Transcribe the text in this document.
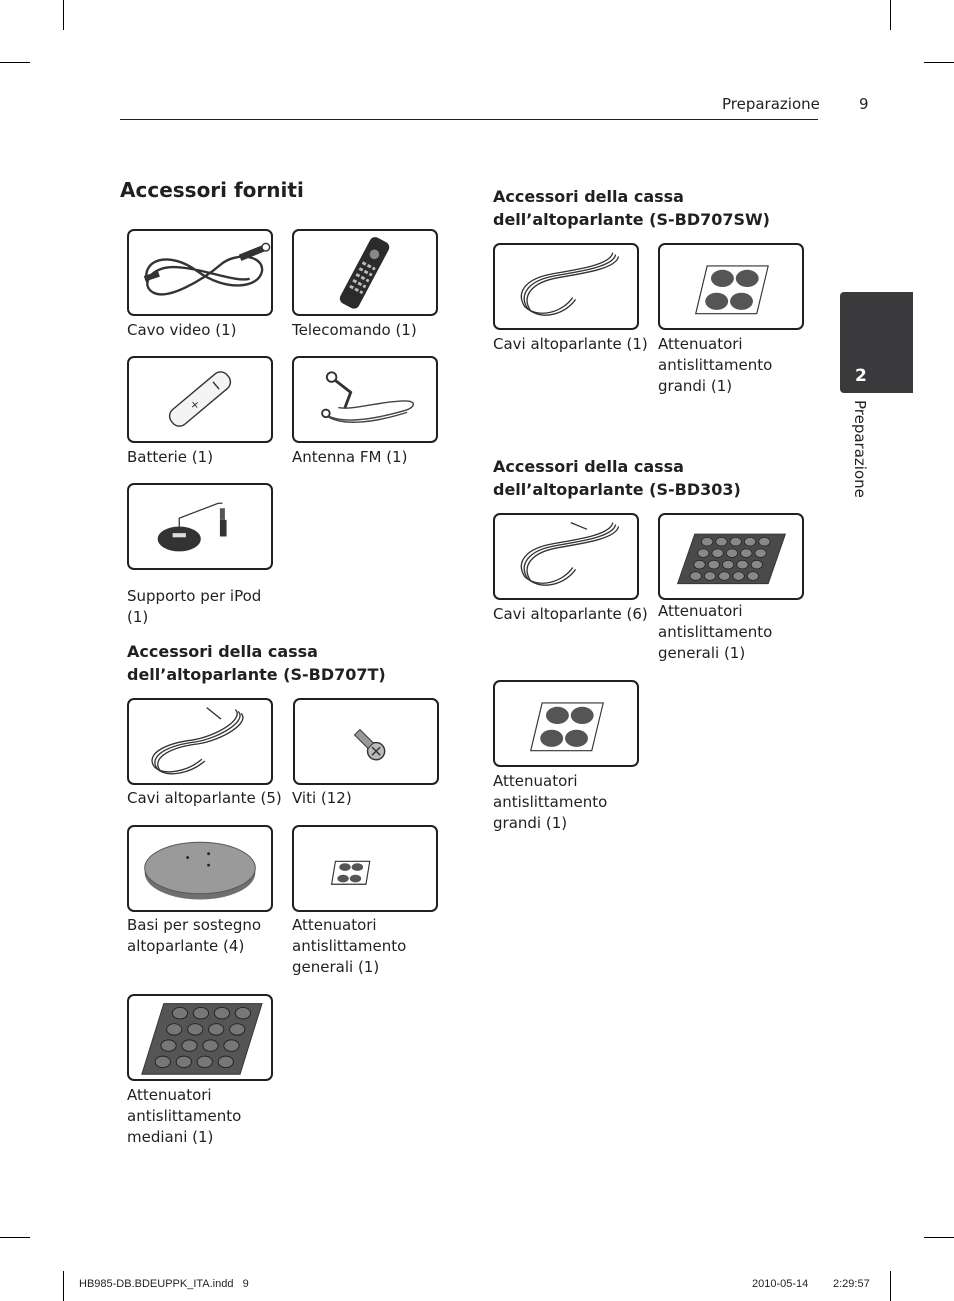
Preparazione	9
2
Preparazione
Accessori forniti
Cavo video (1)	Telecomando (1)
+
Batterie (1)	Antenna FM (1)
Supporto per iPod (1)
Accessori della cassa dell’altoparlante (S-BD707T)
Cavi altoparlante (5) Viti (12)
Basi per sostegno altoparlante (4)
Attenuatori antislittamento generali (1)
Attenuatori antislittamento mediani (1)
Accessori della cassa dell’altoparlante (S-BD707SW)
Cavi altoparlante (1) Attenuatori antislittamento grandi (1)
Accessori della cassa dell’altoparlante (S-BD303)
Cavi altoparlante (6) Attenuatori antislittamento generali (1)
Attenuatori antislittamento grandi (1)
HB985-DB.BDEUPPK_ITA.indd   9	2010-05-14 2:29:57
